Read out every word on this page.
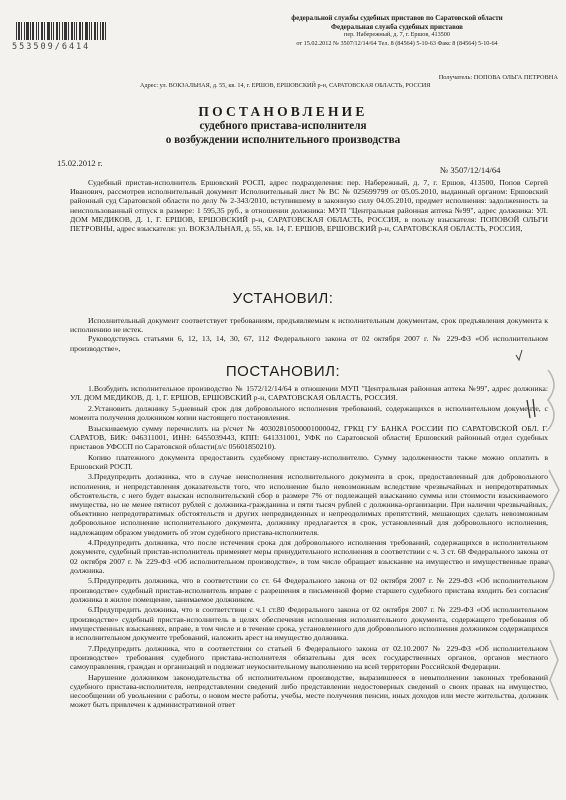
553509/6414
федеральной службы судебных приставов по Саратовской области
Федеральная служба судебных приставов
пер. Набережный, д. 7, г. Ершов, 413500
от 15.02.2012 № 3507/12/14/64 Тел. 8 (84564) 5-10-63 Факс 8 (84564) 5-10-64
Получатель: ПОПОВА ОЛЬГА ПЕТРОВНА
Адрес: ул. ВОКЗАЛЬНАЯ, д. 55, кв. 14, г. ЕРШОВ, ЕРШОВСКИЙ р-н, САРАТОВСКАЯ ОБЛАСТЬ, РОССИЯ
ПОСТАНОВЛЕНИЕ
судебного пристава-исполнителя
о возбуждении исполнительного производства
15.02.2012 г.
№ 3507/12/14/64

Судебный пристав-исполнитель Ершовский РОСП, адрес подразделения: пер. Набережный, д. 7, г. Ершов, 413500, Попов Сергей Иванович, рассмотрев исполнительный документ Исполнительный лист № ВС № 025699799 от 05.05.2010, выданный органом: Ершовский районный суд Саратовской области по делу № 2-343/2010, вступившему в законную силу 04.05.2010, предмет исполнения: задолженность за неиспользованный отпуск в размере: 1 595,35 руб., в отношении должника: МУП "Центральная районная аптека №99", адрес должника: УЛ. ДОМ МЕДИКОВ, Д. 1, Г. ЕРШОВ, ЕРШОВСКИЙ р-н, САРАТОВСКАЯ ОБЛАСТЬ, РОССИЯ, в пользу взыскателя: ПОПОВОЙ ОЛЬГИ ПЕТРОВНЫ, адрес взыскателя: ул. ВОКЗАЛЬНАЯ, д. 55, кв. 14, Г. ЕРШОВ, ЕРШОВСКИЙ р-н, САРАТОВСКАЯ ОБЛАСТЬ, РОССИЯ,

УСТАНОВИЛ:

Исполнительный документ соответствует требованиям, предъявляемым к исполнительным документам, срок предъявления документа к исполнению не истек.

Руководствуясь статьями 6, 12, 13, 14, 30, 67, 112 Федерального закона от 02 октября 2007 г. № 229-ФЗ «Об исполнительном производстве»,

ПОСТАНОВИЛ:

1.Возбудить исполнительное производство № 1572/12/14/64 в отношении МУП "Центральная районная аптека №99", адрес должника: УЛ. ДОМ МЕДИКОВ, Д. 1, Г. ЕРШОВ, ЕРШОВСКИЙ р-н, САРАТОВСКАЯ ОБЛАСТЬ, РОССИЯ.

2.Установить должнику 5-дневный срок для добровольного исполнения требований, содержащихся в исполнительном документе, с момента получения должником копии настоящего постановления.

Взыскиваемую сумму перечислить на р/счет № 40302810500001000042, ГРКЦ ГУ БАНКА РОССИИ ПО САРАТОВСКОЙ ОБЛ. Г. САРАТОВ, БИК: 046311001, ИНН: 6455039443, КПП: 641331001, УФК по Саратовской области( Ершовский районный отдел судебных приставов УФССП по Саратовской области(л/с 05601850210).

Копию платежного документа предоставить судебному приставу-исполнителю. Сумму задолженности также можно оплатить в Ершовский РОСП.

3.Предупредить должника, что в случае неисполнения исполнительного документа в срок, предоставленный для добровольного исполнения, и непредставления доказательств того, что исполнение было невозможным вследствие чрезвычайных и непредотвратимых обстоятельств, с него будет взыскан исполнительский сбор в размере 7% от подлежащей взысканию суммы или стоимости взыскиваемого имущества, но не менее пятисот рублей с должника-гражданина и пяти тысяч рублей с должника-организации. При наличии чрезвычайных, объективно непредотвратимых обстоятельств и других непредвиденных и непреодолимых препятствий, мешающих сделать невозможным добровольное исполнение исполнительного документа, должнику предлагается в срок, установленный для добровольного исполнения, надлежащим образом уведомить об этом судебного пристава-исполнителя.

4.Предупредить должника, что после истечения срока для добровольного исполнения требований, содержащихся в исполнительном документе, судебный пристав-исполнитель применяет меры принудительного исполнения в соответствии с ч. 3 ст. 68 Федерального закона от 02 октября 2007 г. № 229-ФЗ «Об исполнительном производстве», в том числе обращает взыскание на имущество и имущественные права должника.

5.Предупредить должника, что в соответствии со ст. 64 Федерального закона от 02 октября 2007 г. № 229-ФЗ «Об исполнительном производстве» судебный пристав-исполнитель вправе с разрешения в письменной форме старшего судебного пристава входить без согласия должника в жилое помещение, занимаемое должником.

6.Предупредить должника, что в соответствии с ч.1 ст.80 Федерального закона от 02 октября 2007 г. № 229-ФЗ «Об исполнительном производстве» судебный пристав-исполнитель в целях обеспечения исполнения исполнительного документа, содержащего требования об имущественных взысканиях, вправе, в том числе и в течение срока, установленного для добровольного исполнения должником содержащихся в исполнительном документе требований, наложить арест на имущество должника.

7.Предупредить должника, что в соответствии со статьей 6 Федерального закона от 02.10.2007 № 229-ФЗ «Об исполнительном производстве» требования судебного пристава-исполнителя обязательны для всех государственных органов, органов местного самоуправления, граждан и организаций и подлежат неукоснительному выполнению на всей территории Российской Федерации.

Нарушение должником законодательства об исполнительном производстве, выразившееся в невыполнении законных требований судебного пристава-исполнителя, непредставлении сведений либо представлении недостоверных сведений о своих правах на имущество, несообщении об увольнении с работы, о новом месте работы, учебы, месте получения пенсии, иных доходов или месте жительства, должник может быть привлечен к административной ответ
